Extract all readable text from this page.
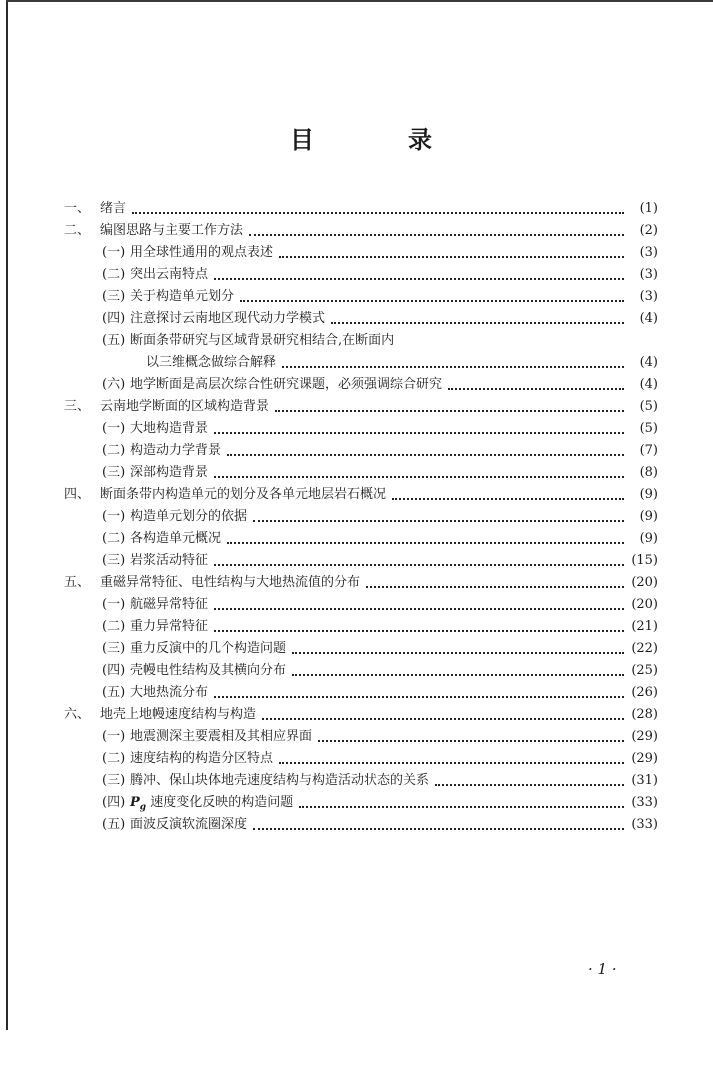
目	录
一、 绪言	(1)
二、 编图思路与主要工作方法	(2)
(一) 用全球性通用的观点表述	(3)
(二) 突出云南特点	(3)
(三) 关于构造单元划分	(3)
(四) 注意探讨云南地区现代动力学模式	(4)
(五) 断面条带研究与区域背景研究相结合,在断面内
以三维概念做综合解释	(4)
(六) 地学断面是高层次综合性研究课题，必须强调综合研究	(4)
三、 云南地学断面的区域构造背景	(5)
(一) 大地构造背景	(5)
(二) 构造动力学背景	(7)
(三) 深部构造背景	(8)
四、 断面条带内构造单元的划分及各单元地层岩石概况	(9)
(一) 构造单元划分的依据	(9)
(二) 各构造单元概况	(9)
(三) 岩浆活动特征	(15)
五、 重磁异常特征、电性结构与大地热流值的分布	(20)
(一) 航磁异常特征	(20)
(二) 重力异常特征	(21)
(三) 重力反演中的几个构造问题	(22)
(四) 壳幔电性结构及其横向分布	(25)
(五) 大地热流分布	(26)
六、 地壳上地幔速度结构与构造	(28)
(一) 地震测深主要震相及其相应界面	(29)
(二) 速度结构的构造分区特点	(29)
(三) 腾冲、保山块体地壳速度结构与构造活动状态的关系	(31)
(四) $P_g$ 速度变化反映的构造问题	(33)
(五) 面波反演软流圈深度	(33)
· 1 ·
